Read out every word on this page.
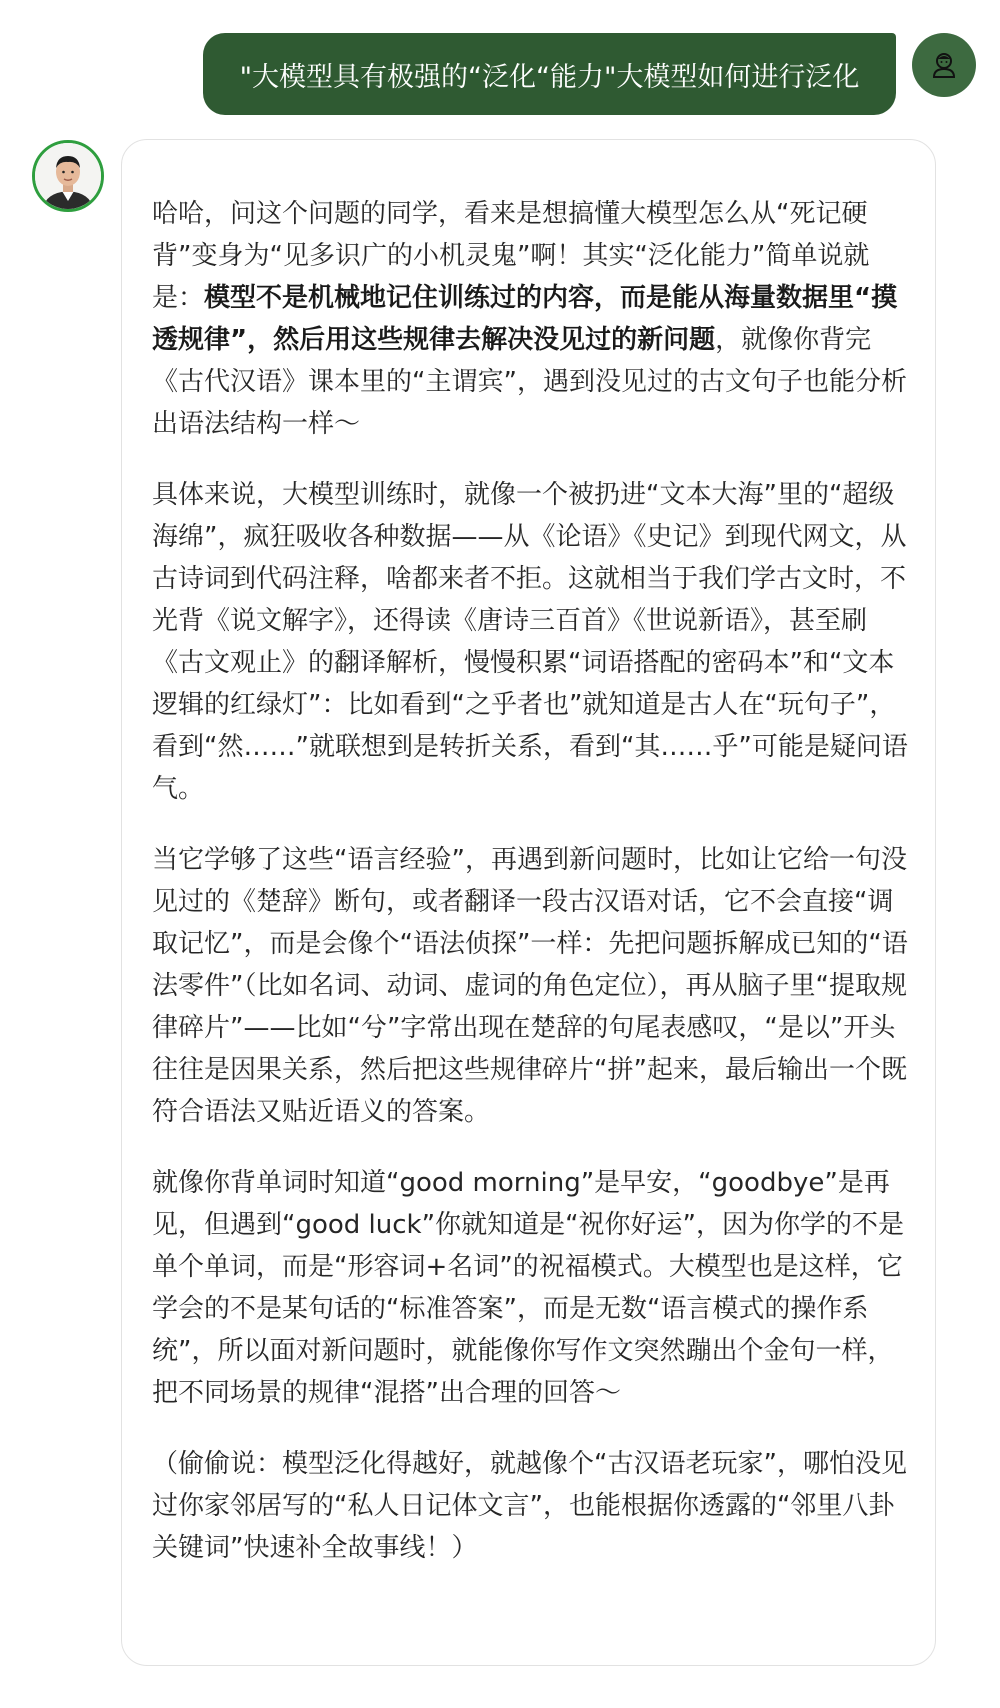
"大模型具有极强的“泛化“能力"大模型如何进行泛化

哈哈，问这个问题的同学，看来是想搞懂大模型怎么从“死记硬背”变身为“见多识广的小机灵鬼”啊！其实“泛化能力”简单说就是：模型不是机械地记住训练过的内容，而是能从海量数据里“摸透规律”，然后用这些规律去解决没见过的新问题，就像你背完《古代汉语》课本里的“主谓宾”，遇到没见过的古文句子也能分析出语法结构一样～

具体来说，大模型训练时，就像一个被扔进“文本大海”里的“超级海绵”，疯狂吸收各种数据——从《论语》《史记》到现代网文，从古诗词到代码注释，啥都来者不拒。这就相当于我们学古文时，不光背《说文解字》，还得读《唐诗三百首》《世说新语》，甚至刷《古文观止》的翻译解析，慢慢积累“词语搭配的密码本”和“文本逻辑的红绿灯”：比如看到“之乎者也”就知道是古人在“玩句子”，看到“然……”就联想到是转折关系，看到“其……乎”可能是疑问语气。

当它学够了这些“语言经验”，再遇到新问题时，比如让它给一句没见过的《楚辞》断句，或者翻译一段古汉语对话，它不会直接“调取记忆”，而是会像个“语法侦探”一样：先把问题拆解成已知的“语法零件”（比如名词、动词、虚词的角色定位），再从脑子里“提取规律碎片”——比如“兮”字常出现在楚辞的句尾表感叹，“是以”开头往往是因果关系，然后把这些规律碎片“拼”起来，最后输出一个既符合语法又贴近语义的答案。

就像你背单词时知道“good morning”是早安，“goodbye”是再见，但遇到“good luck”你就知道是“祝你好运”，因为你学的不是单个单词，而是“形容词+名词”的祝福模式。大模型也是这样，它学会的不是某句话的“标准答案”，而是无数“语言模式的操作系统”，所以面对新问题时，就能像你写作文突然蹦出个金句一样，把不同场景的规律“混搭”出合理的回答～

（偷偷说：模型泛化得越好，就越像个“古汉语老玩家”，哪怕没见过你家邻居写的“私人日记体文言”，也能根据你透露的“邻里八卦关键词”快速补全故事线！）
